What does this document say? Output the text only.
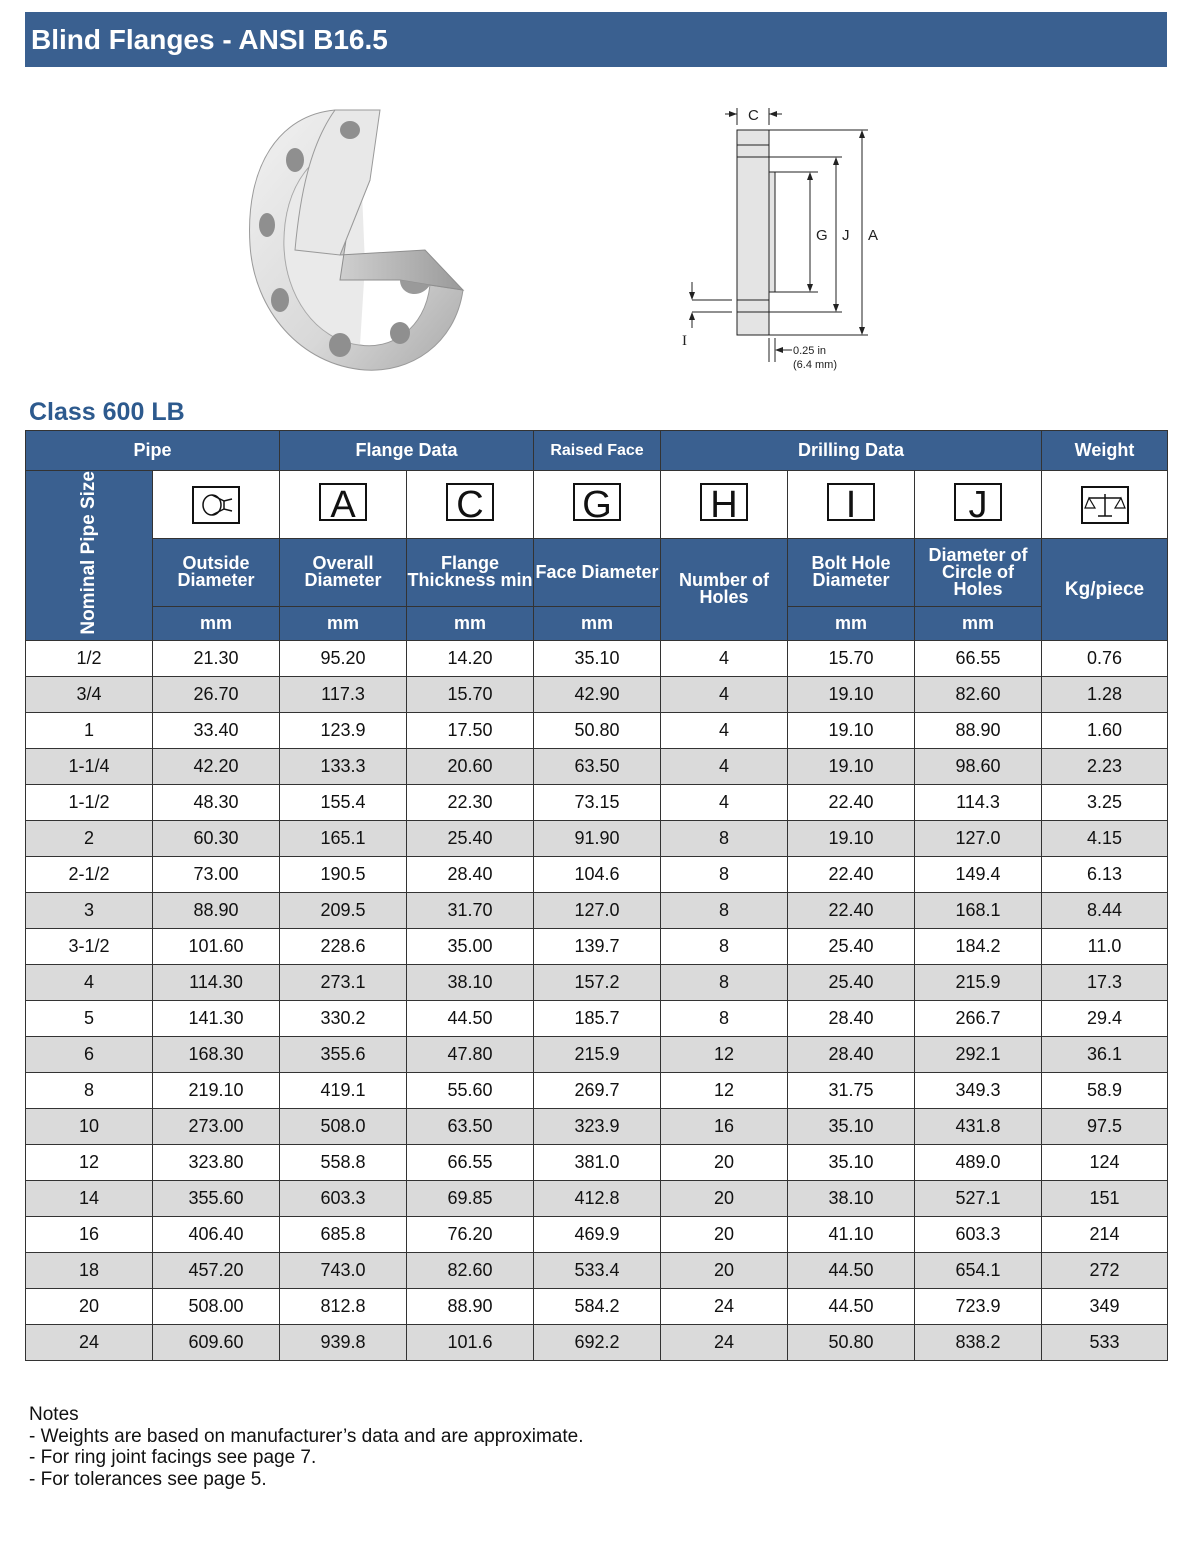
Blind Flanges - ANSI B16.5
C
G J A
I
0.25 in
(6.4 mm)
Class 600 LB
Pipe		Flange Data		Raised Face	Drilling Data			Weight
Nominal Pipe Size		A	C	G	H	I	J	
	Outside Diameter	Overall Diameter	Flange Thickness min	Face Diameter	Number of Holes	Bolt Hole Diameter	Diameter of Circle of Holes	Kg/piece
	mm	mm	mm	mm		mm	mm	
1/2	21.30	95.20	14.20	35.10	4	15.70	66.55	0.76
3/4	26.70	117.3	15.70	42.90	4	19.10	82.60	1.28
1	33.40	123.9	17.50	50.80	4	19.10	88.90	1.60
1-1/4	42.20	133.3	20.60	63.50	4	19.10	98.60	2.23
1-1/2	48.30	155.4	22.30	73.15	4	22.40	114.3	3.25
2	60.30	165.1	25.40	91.90	8	19.10	127.0	4.15
2-1/2	73.00	190.5	28.40	104.6	8	22.40	149.4	6.13
3	88.90	209.5	31.70	127.0	8	22.40	168.1	8.44
3-1/2	101.60	228.6	35.00	139.7	8	25.40	184.2	11.0
4	114.30	273.1	38.10	157.2	8	25.40	215.9	17.3
5	141.30	330.2	44.50	185.7	8	28.40	266.7	29.4
6	168.30	355.6	47.80	215.9	12	28.40	292.1	36.1
8	219.10	419.1	55.60	269.7	12	31.75	349.3	58.9
10	273.00	508.0	63.50	323.9	16	35.10	431.8	97.5
12	323.80	558.8	66.55	381.0	20	35.10	489.0	124
14	355.60	603.3	69.85	412.8	20	38.10	527.1	151
16	406.40	685.8	76.20	469.9	20	41.10	603.3	214
18	457.20	743.0	82.60	533.4	20	44.50	654.1	272
20	508.00	812.8	88.90	584.2	24	44.50	723.9	349
24	609.60	939.8	101.6	692.2	24	50.80	838.2	533
Notes
- Weights are based on manufacturer’s data and are approximate.
- For ring joint facings see page 7.
- For tolerances see page 5.
